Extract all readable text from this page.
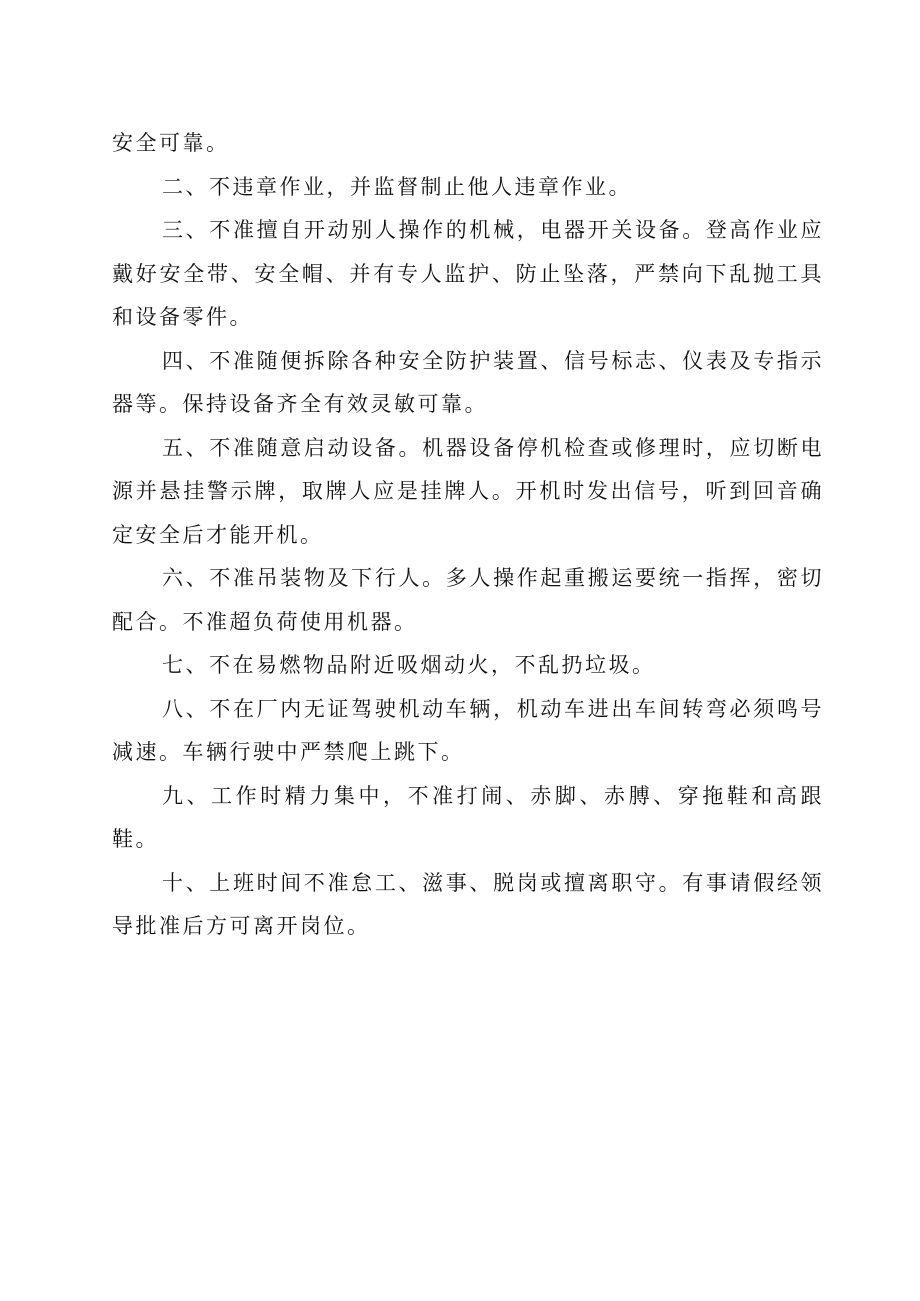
安全可靠。

二、不违章作业，并监督制止他人违章作业。

三、不准擅自开动别人操作的机械，电器开关设备。登高作业应戴好安全带、安全帽、并有专人监护、防止坠落，严禁向下乱抛工具和设备零件。

四、不准随便拆除各种安全防护装置、信号标志、仪表及专指示器等。保持设备齐全有效灵敏可靠。

五、不准随意启动设备。机器设备停机检查或修理时，应切断电源并悬挂警示牌，取牌人应是挂牌人。开机时发出信号，听到回音确定安全后才能开机。

六、不准吊装物及下行人。多人操作起重搬运要统一指挥，密切配合。不准超负荷使用机器。

七、不在易燃物品附近吸烟动火，不乱扔垃圾。

八、不在厂内无证驾驶机动车辆，机动车进出车间转弯必须鸣号减速。车辆行驶中严禁爬上跳下。

九、工作时精力集中，不准打闹、赤脚、赤膊、穿拖鞋和高跟鞋。

十、上班时间不准怠工、滋事、脱岗或擅离职守。有事请假经领导批准后方可离开岗位。
